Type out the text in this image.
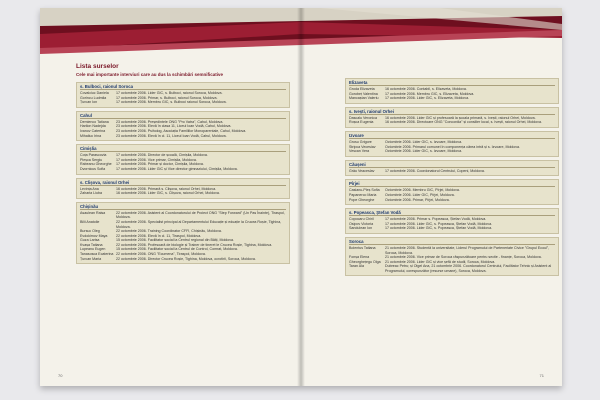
Lista surselor
Cele mai importante interviuri care au dus la schimbări semnificative
s. Bulboci, raionul Soroca
Covalciuc Daniela	17 octombrie 2006. Lider GIC, s. Bulboci, raionul Soroca, Moldova.
Gorincu Ludmila	17 octombrie 2006. Primar, s. Bulboci, raionul Soroca, Moldova.
Țurcan Ion	17 octombrie 2006. Membru GIC, s. Bulboci raionul Soroca, Moldova.
Cahul
Demienco Tatiana	23 octombrie 2006. Președintele ONG "Pro Vatra", Cahul, Moldova.
Harilon Nadejda	23 octombrie 2006. Elevă în clasa 11, Liceul Ioan Vodă, Cahul, Moldova.
Ivanov Caterina	23 octombrie 2006. Psiholog, Asociația Familiilor Monoparentale, Cahul, Moldova.
Mihailuc Irina	23 octombrie 2006. Elevă în cl. 11, Liceul Ioan Vodă, Cahul, Moldova.
Cimișlia
Coța Parascovia	17 octombrie 2006. Director de școală, Cimișlia, Moldova.
Pleșca Sergiu	17 octombrie 2006. Vice primar, Cimișlia, Moldova.
Rabeanu Gheorghe	17 octombrie 2006. Primar și doctor, Cimișlia, Moldova.
Dvornicus Sofia	17 octombrie 2006. Lider GIC și Vice director gimnaziului, Cimișlia, Moldova.
s. Clișova, raionul Orhei
Levința Ana	16 octombrie 2006. Primară s. Clișova, raionul Orhei, Moldova.
Zaharia Liuba	16 octombrie 2006. Lider GIC, s. Clișova, raionul Orhei, Moldova.
Chișinău
Asaulean Raisa	22 octombrie 2006. Asistent al Coordonatorului de Proiect ONG "Step Forward" (Un Pas Înainte), Tiraspol, Moldova.
Bilii Anatolie	22 octombrie 2006. Specialist principal al Departamentului Educație și eduație la Crucea Roșie, Tighina, Moldova.
Bursuc Oleg	22 octombrie 2006. Training Coordinator CFFI, Chișinău, Moldova.
Evdokimov Maya	22 octombrie 2006. Elevă în cl. 11, Tiraspol, Moldova.
Guza Larisa	15 octombrie 2006. Facilitator social la Centrul regional din Bălți, Moldova.
Kvașa Tatiana	22 octombrie 2006. Profesoară de biologie și Trainer de tineret le Crucea Roșie, Tighina, Moldova.
Lupeanu Eugen	15 octombrie 2006. Facilitator social la Centrul de Control, Comrat, Moldova.
Tanasosca Ecaterina 22 octombrie 2006. ONG "Ecumena", Tiraspol, Moldova.
Țurcan Maria	22 octombrie 2006. Director Crucea Roșie, Tighina, Moldova, ocrotirii, Soroca, Moldova.
70
Elizaveta
Groda Elizaveta	16 octombrie 2006. Contabil, s. Elizaveta, Moldova.
Gorobeț Valentina	17 octombrie 2006. Membru GIC, s. Elizaveta, Moldova.
Mancaștan Valeriu	17 octombrie 2006. Lider GIC, s. Elizaveta, Moldova.
s. Ivești, raionul Orhei
Dascalu Veronica	16 octombrie 2006. Lider GIC și profesoară la școala primară, s. Ivești, raionul Orhei, Moldova.
Roșca Eugenia	16 octombrie 2006. Directoare ONG "Concordia" și consilier local, s. Ivești, raionul Orhei, Moldova.
Izvoare
Grosu Grigore	Octombrie 2006. Lider GIC, s. Izvoare, Moldova.
Stripca Vecesiav	Octombrie 2006. Primarul comunei în componența cărea intră și s. Izvoare, Moldova.
Vescan Vera	Octombrie 2006. Lider GIC, s. Izvoare, Moldova.
Căușeni
Grâu Veaceslav	17 octombrie 2006. Coordonatorul Centrului, Copeni, Moldova.
Pîrjei
Casianu-Pleș Sofia	Octombrie 2006. Membru GIC, Pîrjei, Moldova.
Papanerco Maria	Octombrie 2006. Lider GIC, Pîrjei, Moldova.
Pope Gheorghe	Octombrie 2006. Primar, Pîrjei, Moldova.
s. Popeasca, Ștefan Vodă
Copocaru Chiril	17 octombrie 2006. Primar s. Popeasca, Ștefan Vodă, Moldova.
Osipov Victoria	17 octombrie 2006. Lider GIC, s. Popeasca, Ștefan Vodă, Moldova.
Sandulean Ion	17 octombrie 2006. Lider GIC, s. Popeasca, Ștefan Vodă, Moldova.
Soroca
Bolentus Tatiana	21 octombrie 2006. Studentă la universitate, Liderul Programului de Parteneriate Civice "Grupul Ecoul", Soroca, Moldova.
Fonșa Elena	21 octombrie 2006. Vice primar de Soroca răspunzătoare pentru sectie - finanțe, Soroca, Moldova.
Gheorghețegu Olga	21 octombrie 2006. Lider GIC și vice șefă de studii, Soroca, Moldova.
Taran Ala	Dubreac Petru; și Olgel Ana, 21 octombrie 2006. Coordonatorul Centrului, Facilitator Tehnic și Asistent al Programului, corespunzător (resurse umane), Soroca, Moldova.
71
